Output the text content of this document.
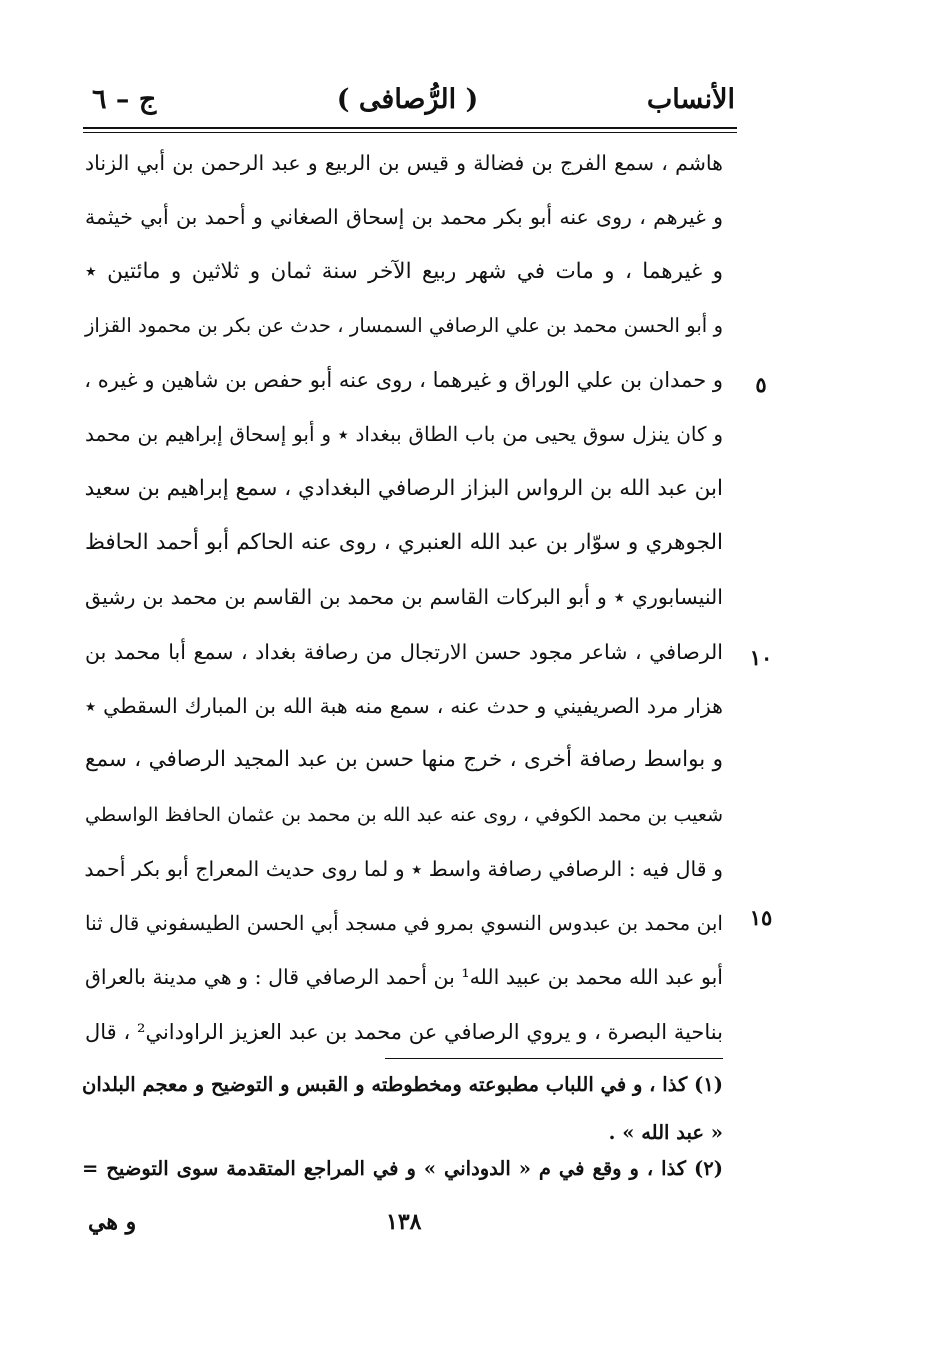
الأنساب
( الرُّصافى )
ج – ٦
هاشم ، سمع الفرج بن فضالة و قيس بن الربيع و عبد الرحمن بن أبي الزناد
و غيرهم ، روى عنه أبو بكر محمد بن إسحاق الصغاني و أحمد بن أبي خيثمة
و غيرهما ، و مات في شهر ربيع الآخر سنة ثمان و ثلاثين و مائتين ٭
و أبو الحسن محمد بن علي الرصافي السمسار ، حدث عن بكر بن محمود القزاز
و حمدان بن علي الوراق و غيرهما ، روى عنه أبو حفص بن شاهين و غيره ،
و كان ينزل سوق يحيى من باب الطاق ببغداد ٭ و أبو إسحاق إبراهيم بن محمد
ابن عبد الله بن الرواس البزاز الرصافي البغدادي ، سمع إبراهيم بن سعيد
الجوهري و سوّار بن عبد الله العنبري ، روى عنه الحاكم أبو أحمد الحافظ
النيسابوري ٭ و أبو البركات القاسم بن محمد بن القاسم بن محمد بن رشيق
الرصافي ، شاعر مجود حسن الارتجال من رصافة بغداد ، سمع أبا محمد بن
هزار مرد الصريفيني و حدث عنه ، سمع منه هبة الله بن المبارك السقطي ٭
و بواسط رصافة أخرى ، خرج منها حسن بن عبد المجيد الرصافي ، سمع
شعيب بن محمد الكوفي ، روى عنه عبد الله بن محمد بن عثمان الحافظ الواسطي
و قال فيه : الرصافي رصافة واسط ٭ و لما روى حديث المعراج أبو بكر أحمد
ابن محمد بن عبدوس النسوي بمرو في مسجد أبي الحسن الطيسفوني قال ثنا
أبو عبد الله محمد بن عبيد الله¹ بن أحمد الرصافي قال : و هي مدينة بالعراق
بناحية البصرة ، و يروي الرصافي عن محمد بن عبد العزيز الراوداني² ، قال
٥
١٠
١٥
(١) كذا ، و في اللباب مطبوعته ومخطوطته و القبس و التوضيح و معجم البلدان
« عبد الله » .
(٢) كذا ، و وقع في م « الدوداني » و في المراجع المتقدمة سوى التوضيح =
١٣٨
و هي
